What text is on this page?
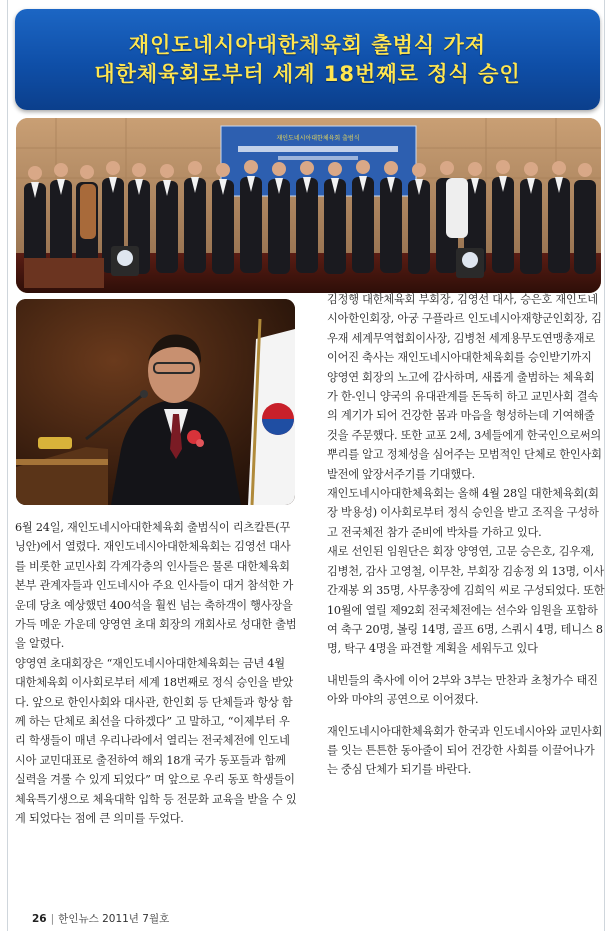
재인도네시아대한체육회 출범식 가져
대한체육회로부터 세계 18번째로 정식 승인
재인도네시아대한체육회 출범식

6월 24일, 재인도네시아대한체육회 출범식이 리츠칼튼(꾸닝안)에서 열렸다. 재인도네시아대한체육회는 김영선 대사를 비롯한 교민사회 각계각층의 인사들은 물론 대한체육회 본부 관계자들과 인도네시아 주요 인사들이 대거 참석한 가운데 당초 예상했던 400석을 훨씬 넘는 축하객이 행사장을 가득 메운 가운데 양영연 초대 회장의 개회사로 성대한 출범을 알렸다.

양영연 초대회장은 “재인도네시아대한체육회는 금년 4월 대한체육회 이사회로부터 세계 18번째로 정식 승인을 받았다. 앞으로 한인사회와 대사관, 한인회 등 단체들과 항상 함께 하는 단체로 최선을 다하겠다” 고 말하고, “이제부터 우리 학생들이 매년 우리나라에서 열리는 전국체전에 인도네시아 교민대표로 출전하여 해외 18개 국가 동포들과 함께 실력을 겨룰 수 있게 되었다” 며 앞으로 우리 동포 학생들이 체육특기생으로 체육대학 입학 등 전문화 교육을 받을 수 있게 되었다는 점에 큰 의미를 두었다.

김정행 대한체육회 부회장, 김영선 대사, 승은호 재인도네시아한인회장, 아궁 구플라르 인도네시아재향군인회장, 김우재 세계무역협회이사장, 김병천 세계용무도연맹총재로 이어진 축사는 재인도네시아대한체육회를 승인받기까지 양영연 회장의 노고에 감사하며, 새롭게 출범하는 체육회가 한-인니 양국의 유대관계를 돈독히 하고 교민사회 결속의 계기가 되어 건강한 몸과 마음을 형성하는데 기여해줄 것을 주문했다. 또한 교포 2세, 3세들에게 한국인으로써의 뿌리를 알고 정체성을 심어주는 모범적인 단체로 한인사회 발전에 앞장서주기를 기대했다.

재인도네시아대한체육회는 올해 4월 28일 대한체육회(회장 박용성) 이사회로부터 정식 승인을 받고 조직을 구성하고 전국체전 참가 준비에 박차를 가하고 있다.

새로 선인된 임원단은 회장 양영연, 고문 승은호, 김우재, 김병천, 감사 고영철, 이무찬, 부회장 김송정 외 13명, 이사 간재봉 외 35명, 사무총장에 김희익 씨로 구성되었다. 또한 10월에 열릴 제92회 전국체전에는 선수와 임원을 포함하여 축구 20명, 볼링 14명, 골프 6명, 스쿼시 4명, 테니스 8명, 탁구 4명을 파견할 계획을 세워두고 있다

내빈들의 축사에 이어 2부와 3부는 만찬과 초청가수 태진아와 마야의 공연으로 이어졌다.

재인도네시아대한체육회가 한국과 인도네시아와 교민사회를 잇는 튼튼한 동아줄이 되어 건강한 사회를 이끌어나가는 중심 단체가 되기를 바란다.

26 | 한인뉴스 2011년 7월호
